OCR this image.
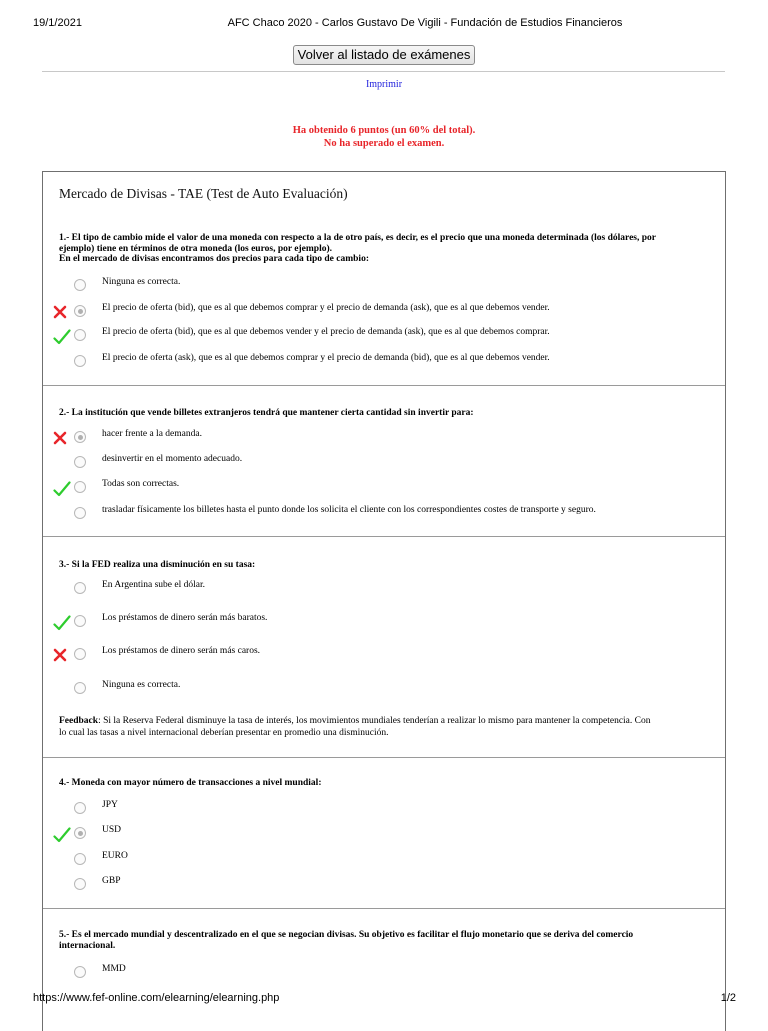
19/1/2021	AFC Chaco 2020 - Carlos Gustavo De Vigili - Fundación de Estudios Financieros
Volver al listado de exámenes
Imprimir
Ha obtenido 6 puntos (un 60% del total).
No ha superado el examen.
Mercado de Divisas - TAE (Test de Auto Evaluación)
1.- El tipo de cambio mide el valor de una moneda con respecto a la de otro país, es decir, es el precio que una moneda determinada (los dólares, por
ejemplo) tiene en términos de otra moneda (los euros, por ejemplo).
En el mercado de divisas encontramos dos precios para cada tipo de cambio:
Ninguna es correcta.
El precio de oferta (bid), que es al que debemos comprar y el precio de demanda (ask), que es al que debemos vender.
El precio de oferta (bid), que es al que debemos vender y el precio de demanda (ask), que es al que debemos comprar.
El precio de oferta (ask), que es al que debemos comprar y el precio de demanda (bid), que es al que debemos vender.
2.- La institución que vende billetes extranjeros tendrá que mantener cierta cantidad sin invertir para:
hacer frente a la demanda.
desinvertir en el momento adecuado.
Todas son correctas.
trasladar físicamente los billetes hasta el punto donde los solicita el cliente con los correspondientes costes de transporte y seguro.
3.- Si la FED realiza una disminución en su tasa:
En Argentina sube el dólar.
Los préstamos de dinero serán más baratos.
Los préstamos de dinero serán más caros.
Ninguna es correcta.
Feedback: Si la Reserva Federal disminuye la tasa de interés, los movimientos mundiales tenderían a realizar lo mismo para mantener la competencia. Con
lo cual las tasas a nivel internacional deberían presentar en promedio una disminución.
4.- Moneda con mayor número de transacciones a nivel mundial:
JPY
USD
EURO
GBP
5.- Es el mercado mundial y descentralizado en el que se negocian divisas. Su objetivo es facilitar el flujo monetario que se deriva del comercio
internacional.
MMD
https://www.fef-online.com/elearning/elearning.php	1/2
